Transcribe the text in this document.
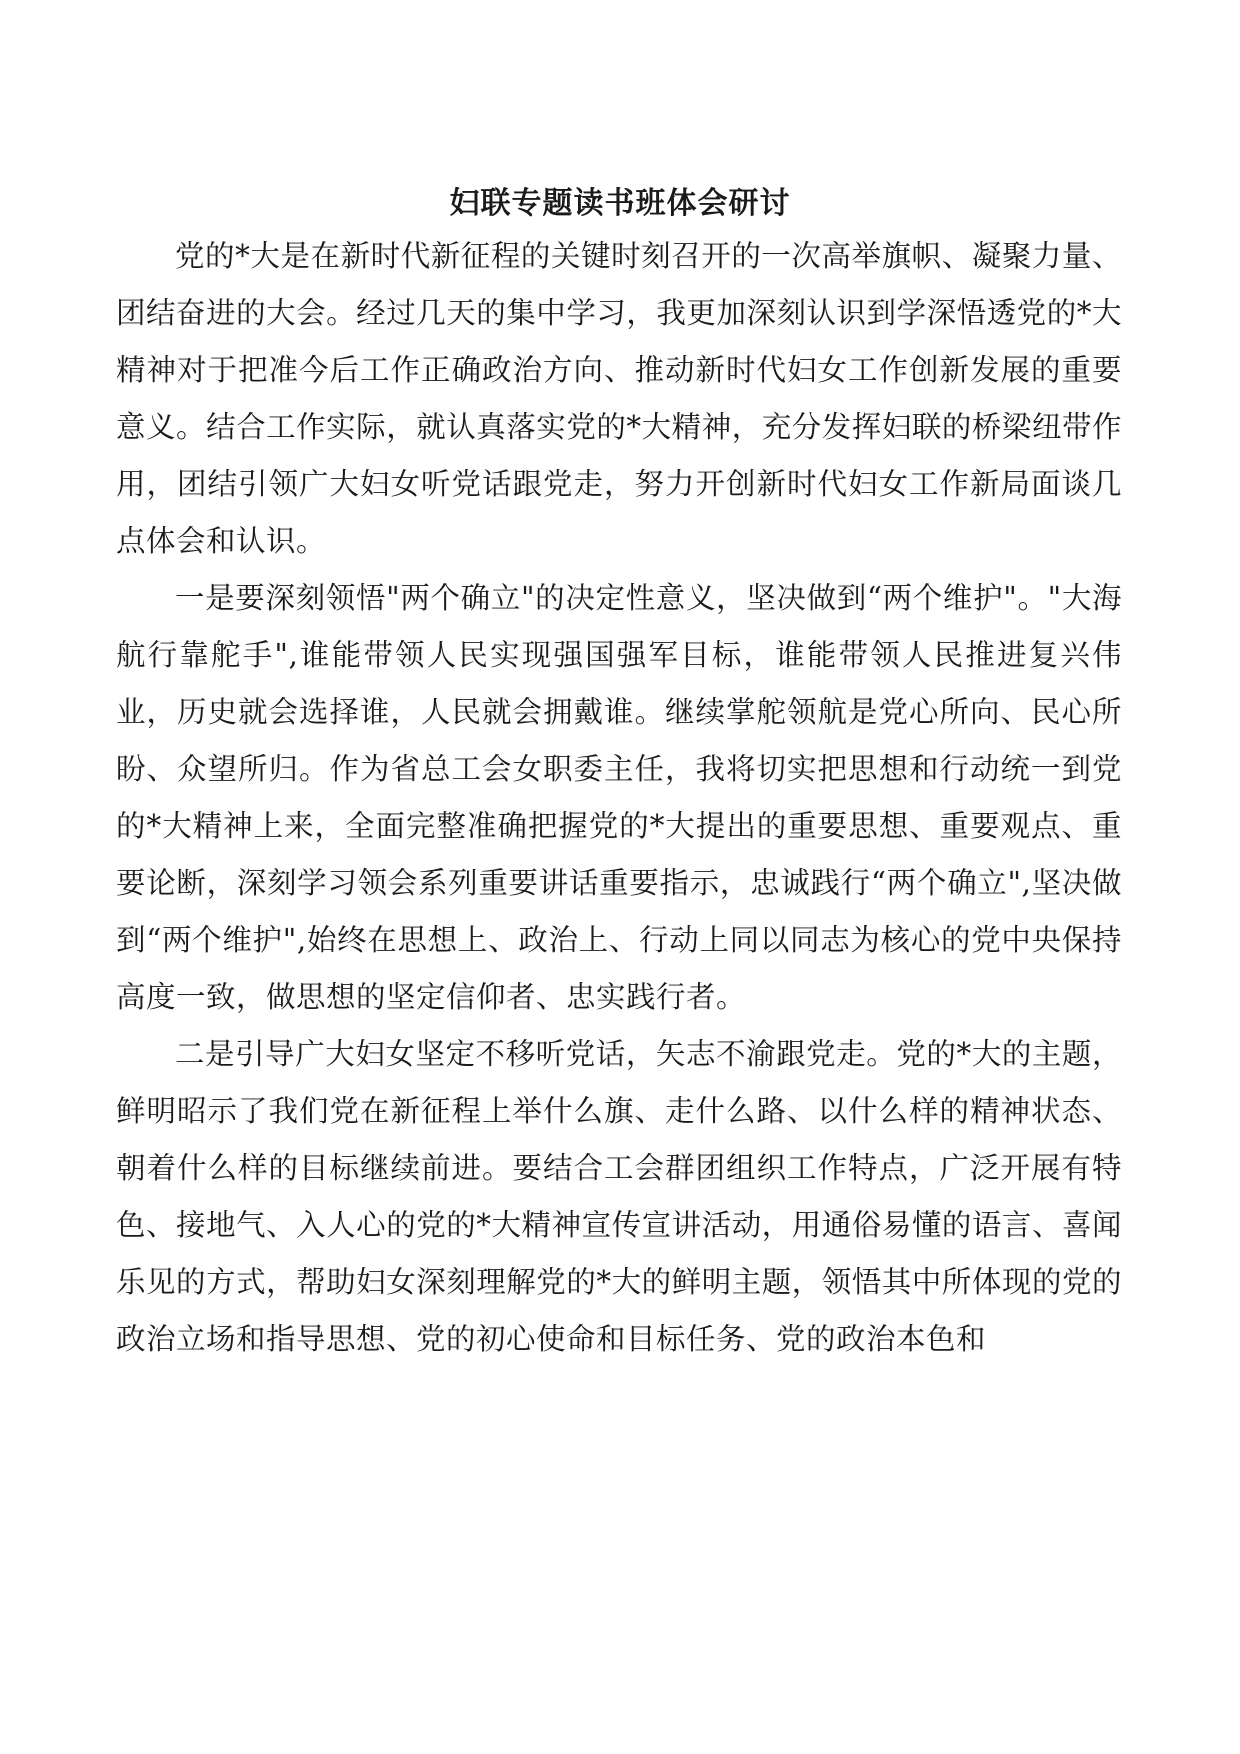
妇联专题读书班体会研讨

党的*大是在新时代新征程的关键时刻召开的一次高举旗帜、凝聚力量、团结奋进的大会。经过几天的集中学习，我更加深刻认识到学深悟透党的*大精神对于把准今后工作正确政治方向、推动新时代妇女工作创新发展的重要意义。结合工作实际，就认真落实党的*大精神，充分发挥妇联的桥梁纽带作用，团结引领广大妇女听党话跟党走，努力开创新时代妇女工作新局面谈几点体会和认识。

一是要深刻领悟"两个确立"的决定性意义，坚决做到“两个维护"。"大海航行靠舵手",谁能带领人民实现强国强军目标，谁能带领人民推进复兴伟业，历史就会选择谁，人民就会拥戴谁。继续掌舵领航是党心所向、民心所盼、众望所归。作为省总工会女职委主任，我将切实把思想和行动统一到党的*大精神上来，全面完整准确把握党的*大提出的重要思想、重要观点、重要论断，深刻学习领会系列重要讲话重要指示，忠诚践行“两个确立",坚决做到“两个维护",始终在思想上、政治上、行动上同以同志为核心的党中央保持高度一致，做思想的坚定信仰者、忠实践行者。

二是引导广大妇女坚定不移听党话，矢志不渝跟党走。党的*大的主题，鲜明昭示了我们党在新征程上举什么旗、走什么路、以什么样的精神状态、朝着什么样的目标继续前进。要结合工会群团组织工作特点，广泛开展有特色、接地气、入人心的党的*大精神宣传宣讲活动，用通俗易懂的语言、喜闻乐见的方式，帮助妇女深刻理解党的*大的鲜明主题，领悟其中所体现的党的政治立场和指导思想、党的初心使命和目标任务、党的政治本色和
